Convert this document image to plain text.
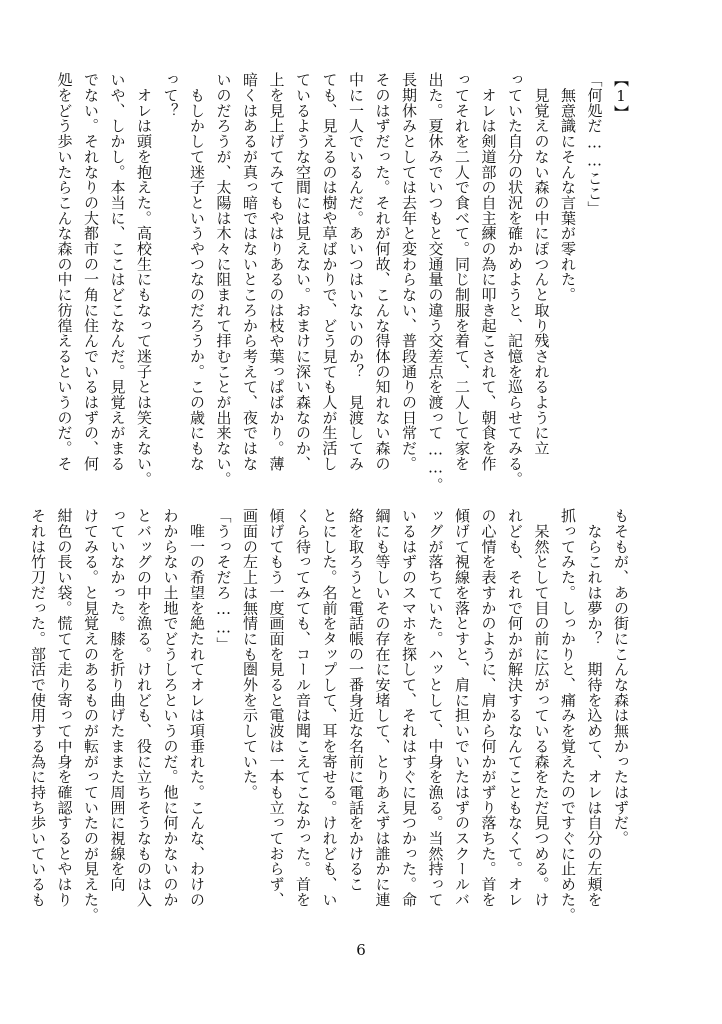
【1】
「何処だ……ここ」
　無意識にそんな言葉が零れた。
　見覚えのない森の中にぽつんと取り残されるように立
っていた自分の状況を確かめようと、記憶を巡らせてみる。
　オレは剣道部の自主練の為に叩き起こされて、朝食を作
ってそれを二人で食べて。同じ制服を着て、二人して家を
出た。夏休みでいつもと交通量の違う交差点を渡って……。
長期休みとしては去年と変わらない、普段通りの日常だ。
そのはずだった。それが何故、こんな得体の知れない森の
中に一人でいるんだ。あいつはいないのか？　見渡してみ
ても、見えるのは樹や草ばかりで、どう見ても人が生活し
ているような空間には見えない。おまけに深い森なのか、
上を見上げてみてもやはりあるのは枝や葉っぱばかり。薄
暗くはあるが真っ暗ではないところから考えて、夜ではな
いのだろうが、太陽は木々に阻まれて拝むことが出来ない。
　もしかして迷子というやつなのだろうか。この歳にもな
って？
　オレは頭を抱えた。高校生にもなって迷子とは笑えない。
いや、しかし。本当に、ここはどこなんだ。見覚えがまる
でない。それなりの大都市の一角に住んでいるはずの、何
処をどう歩いたらこんな森の中に彷徨えるというのだ。そ
もそもが、あの街にこんな森は無かったはずだ。
　ならこれは夢か？　期待を込めて、オレは自分の左頬を
抓ってみた。しっかりと、痛みを覚えたのですぐに止めた。
　呆然として目の前に広がっている森をただ見つめる。け
れども、それで何かが解決するなんてこともなくて。オレ
の心情を表すかのように、肩から何かがずり落ちた。首を
傾げて視線を落とすと、肩に担いでいたはずのスクールバ
ッグが落ちていた。ハッとして、中身を漁る。当然持って
いるはずのスマホを探して、それはすぐに見つかった。命
綱にも等しいその存在に安堵して、とりあえずは誰かに連
絡を取ろうと電話帳の一番身近な名前に電話をかけるこ
とにした。名前をタップして、耳を寄せる。けれども、い
くら待ってみても、コール音は聞こえてこなかった。首を
傾げてもう一度画面を見ると電波は一本も立っておらず、
画面の左上は無情にも圏外を示していた。
「うっそだろ……」
　唯一の希望を絶たれてオレは項垂れた。こんな、わけの
わからない土地でどうしろというのだ。他に何かないのか
とバッグの中を漁る。けれども、役に立ちそうなものは入
っていなかった。膝を折り曲げたままた周囲に視線を向
けてみる。と見覚えのあるものが転がっていたのが見えた。
紺色の長い袋。慌てて走り寄って中身を確認するとやはり
それは竹刀だった。部活で使用する為に持ち歩いているも
6
